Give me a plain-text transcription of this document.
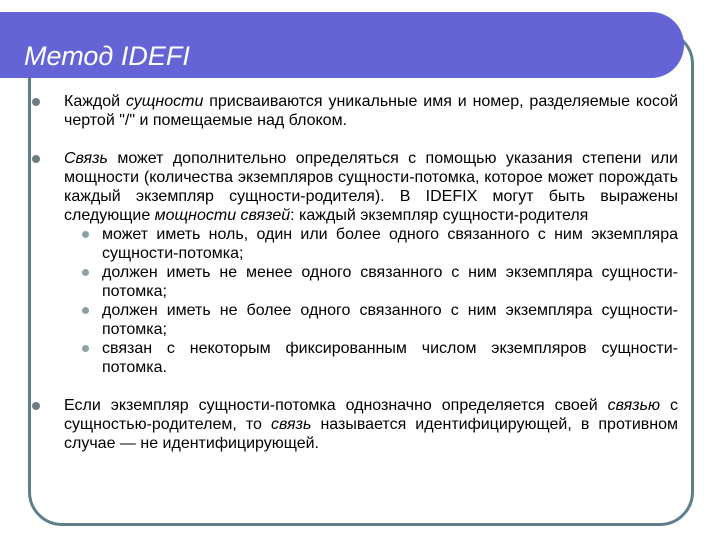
Метод IDEFI
Каждой сущности присваиваются уникальные имя и номер, разделяемые косой чертой "/" и помещаемые над блоком.
Связь может дополнительно определяться с помощью указания степени или мощности (количества экземпляров сущности-потомка, которое может порождать каждый экземпляр сущности-родителя). В IDEFIX могут быть выражены следующие мощности связей: каждый экземпляр сущности-родителя
может иметь ноль, один или более одного связанного с ним экземпляра сущности-потомка;
должен иметь не менее одного связанного с ним экземпляра сущности-потомка;
должен иметь не более одного связанного с ним экземпляра сущности-потомка;
связан с некоторым фиксированным числом экземпляров сущности-потомка.
Если экземпляр сущности-потомка однозначно определяется своей связью с сущностью-родителем, то связь называется идентифицирующей, в противном случае — не идентифицирующей.
